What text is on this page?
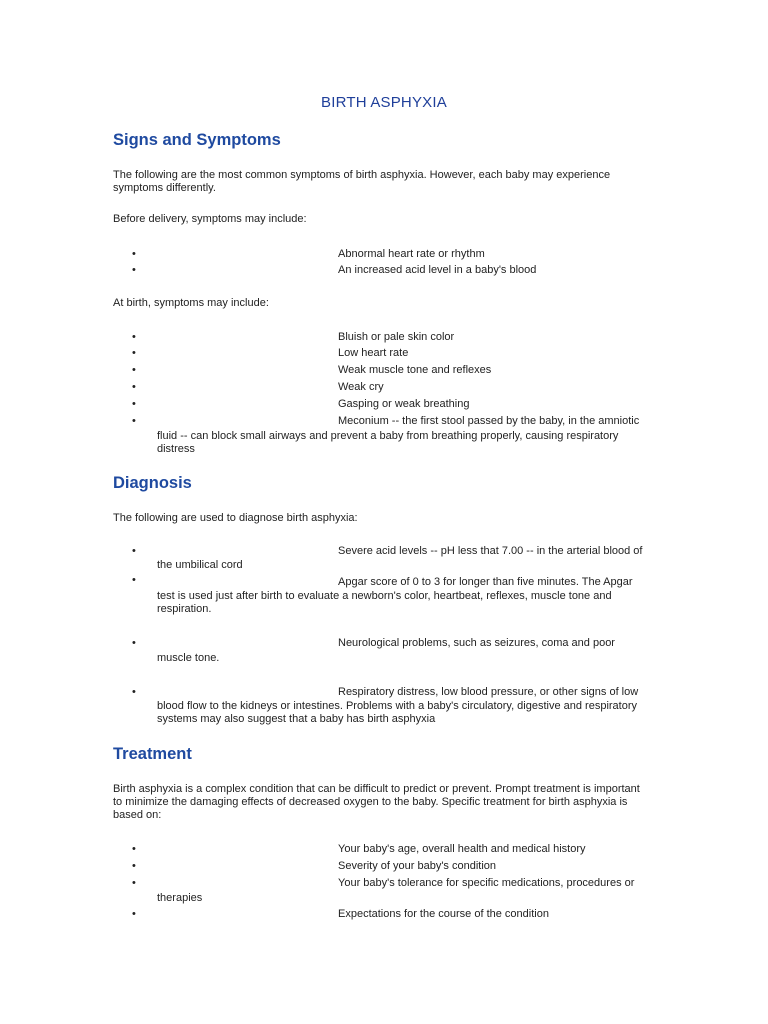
BIRTH ASPHYXIA
Signs and Symptoms
The following are the most common symptoms of birth asphyxia. However, each baby may experience
symptoms differently.
Before delivery, symptoms may include:
•	Abnormal heart rate or rhythm
•	An increased acid level in a baby's blood
At birth, symptoms may include:
•	Bluish or pale skin color
•	Low heart rate
•	Weak muscle tone and reflexes
•	Weak cry
•	Gasping or weak breathing
•	Meconium -- the first stool passed by the baby, in the amniotic
fluid -- can block small airways and prevent a baby from breathing properly, causing respiratory
distress
Diagnosis
The following are used to diagnose birth asphyxia:
•	Severe acid levels -- pH less that 7.00 -- in the arterial blood of
the umbilical cord
•	Apgar score of 0 to 3 for longer than five minutes. The Apgar
test is used just after birth to evaluate a newborn's color, heartbeat, reflexes, muscle tone and
respiration.
•	Neurological problems, such as seizures, coma and poor
muscle tone.
•	Respiratory distress, low blood pressure, or other signs of low
blood flow to the kidneys or intestines. Problems with a baby's circulatory, digestive and respiratory
systems may also suggest that a baby has birth asphyxia
Treatment
Birth asphyxia is a complex condition that can be difficult to predict or prevent. Prompt treatment is important
to minimize the damaging effects of decreased oxygen to the baby. Specific treatment for birth asphyxia is
based on:
•	Your baby's age, overall health and medical history
•	Severity of your baby's condition
•	Your baby's tolerance for specific medications, procedures or
therapies
•	Expectations for the course of the condition
